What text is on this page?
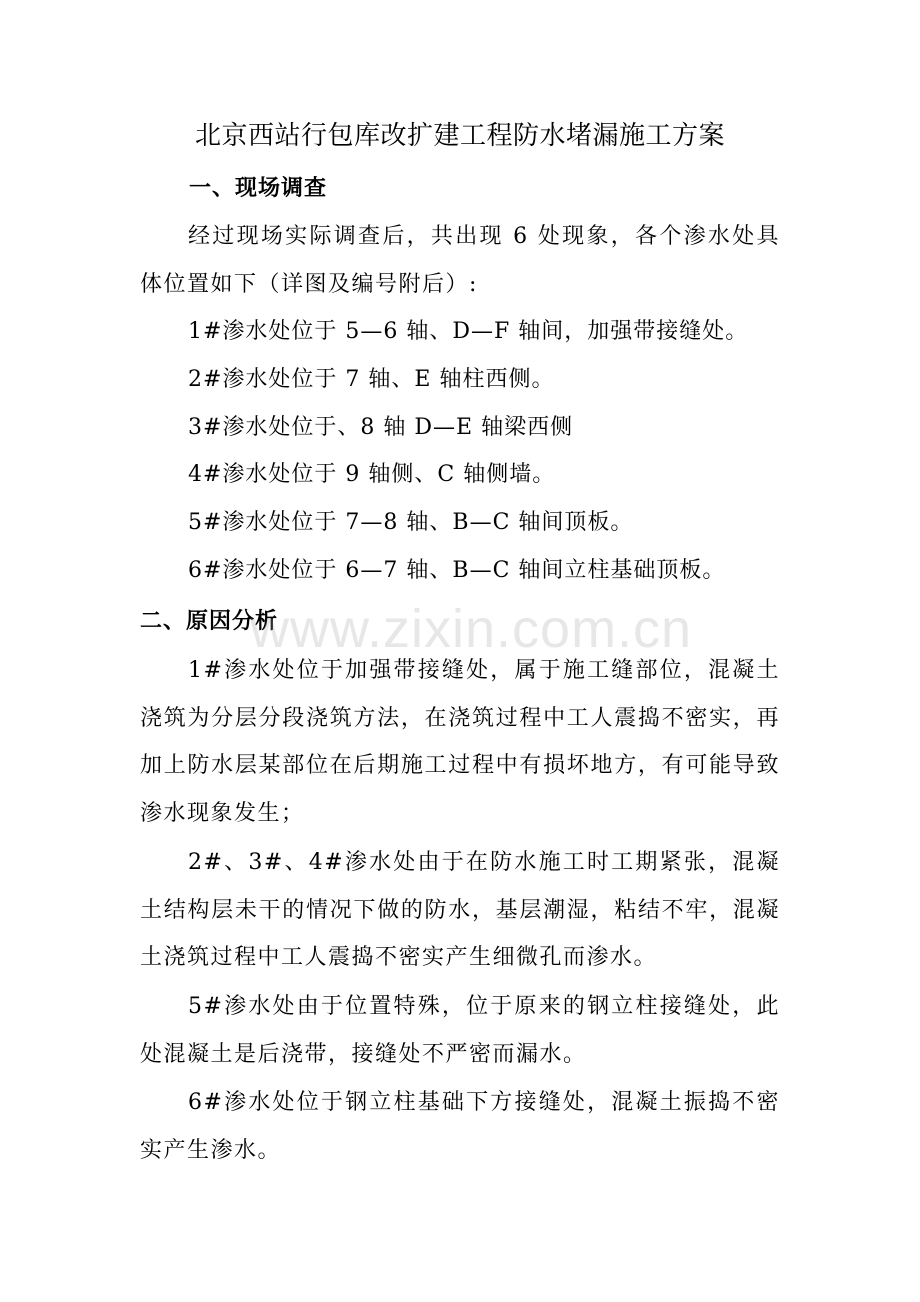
北京西站行包库改扩建工程防水堵漏施工方案
一、现场调查
经过现场实际调查后，共出现 6 处现象，各个渗水处具体位置如下（详图及编号附后）:
1#渗水处位于 5—6 轴、D—F 轴间，加强带接缝处。
2#渗水处位于 7 轴、E 轴柱西侧。
3#渗水处位于、8 轴 D—E 轴梁西侧
4#渗水处位于 9 轴侧、C 轴侧墙。
5#渗水处位于 7—8 轴、B—C 轴间顶板。
6#渗水处位于 6—7 轴、B—C 轴间立柱基础顶板。
二、原因分析
1#渗水处位于加强带接缝处，属于施工缝部位，混凝土浇筑为分层分段浇筑方法，在浇筑过程中工人震捣不密实，再加上防水层某部位在后期施工过程中有损坏地方，有可能导致渗水现象发生；
2#、3#、4#渗水处由于在防水施工时工期紧张，混凝土结构层未干的情况下做的防水，基层潮湿，粘结不牢，混凝土浇筑过程中工人震捣不密实产生细微孔而渗水。
5#渗水处由于位置特殊，位于原来的钢立柱接缝处，此处混凝土是后浇带，接缝处不严密而漏水。
6#渗水处位于钢立柱基础下方接缝处，混凝土振捣不密实产生渗水。
www.zixin.com.cn
